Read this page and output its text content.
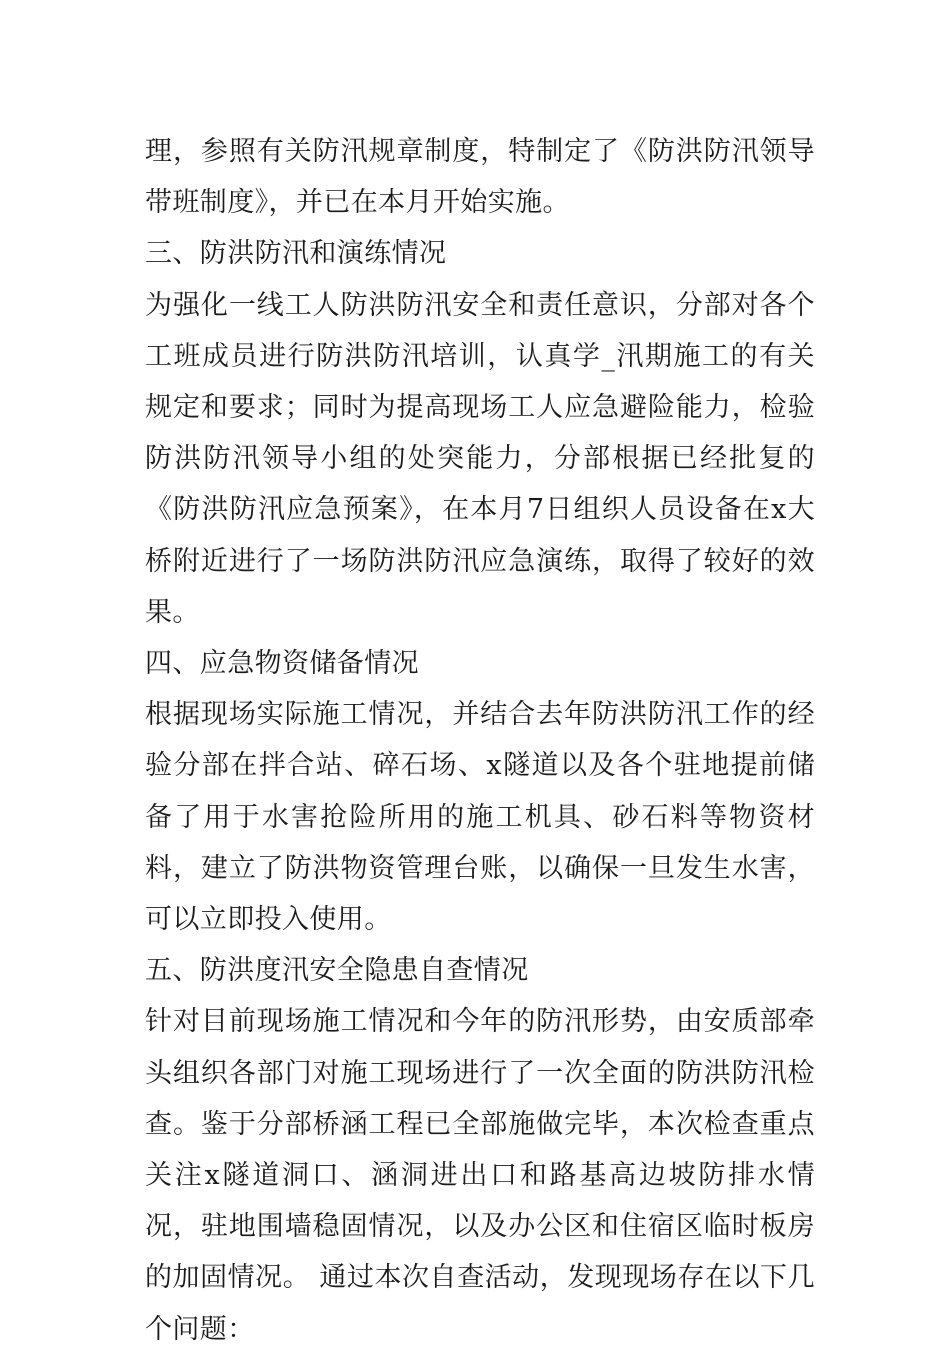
理，参照有关防汛规章制度，特制定了《防洪防汛领导带班制度》，并已在本月开始实施。

三、防洪防汛和演练情况

为强化一线工人防洪防汛安全和责任意识，分部对各个工班成员进行防洪防汛培训，认真学_汛期施工的有关规定和要求；同时为提高现场工人应急避险能力，检验防洪防汛领导小组的处突能力，分部根据已经批复的《防洪防汛应急预案》，在本月7日组织人员设备在x大桥附近进行了一场防洪防汛应急演练，取得了较好的效果。

四、应急物资储备情况

根据现场实际施工情况，并结合去年防洪防汛工作的经验分部在拌合站、碎石场、x隧道以及各个驻地提前储备了用于水害抢险所用的施工机具、砂石料等物资材料，建立了防洪物资管理台账，以确保一旦发生水害，可以立即投入使用。

五、防洪度汛安全隐患自查情况

针对目前现场施工情况和今年的防汛形势，由安质部牵头组织各部门对施工现场进行了一次全面的防洪防汛检查。鉴于分部桥涵工程已全部施做完毕，本次检查重点关注x隧道洞口、涵洞进出口和路基高边坡防排水情况，驻地围墙稳固情况，以及办公区和住宿区临时板房的加固情况。 通过本次自查活动，发现现场存在以下几个问题：
